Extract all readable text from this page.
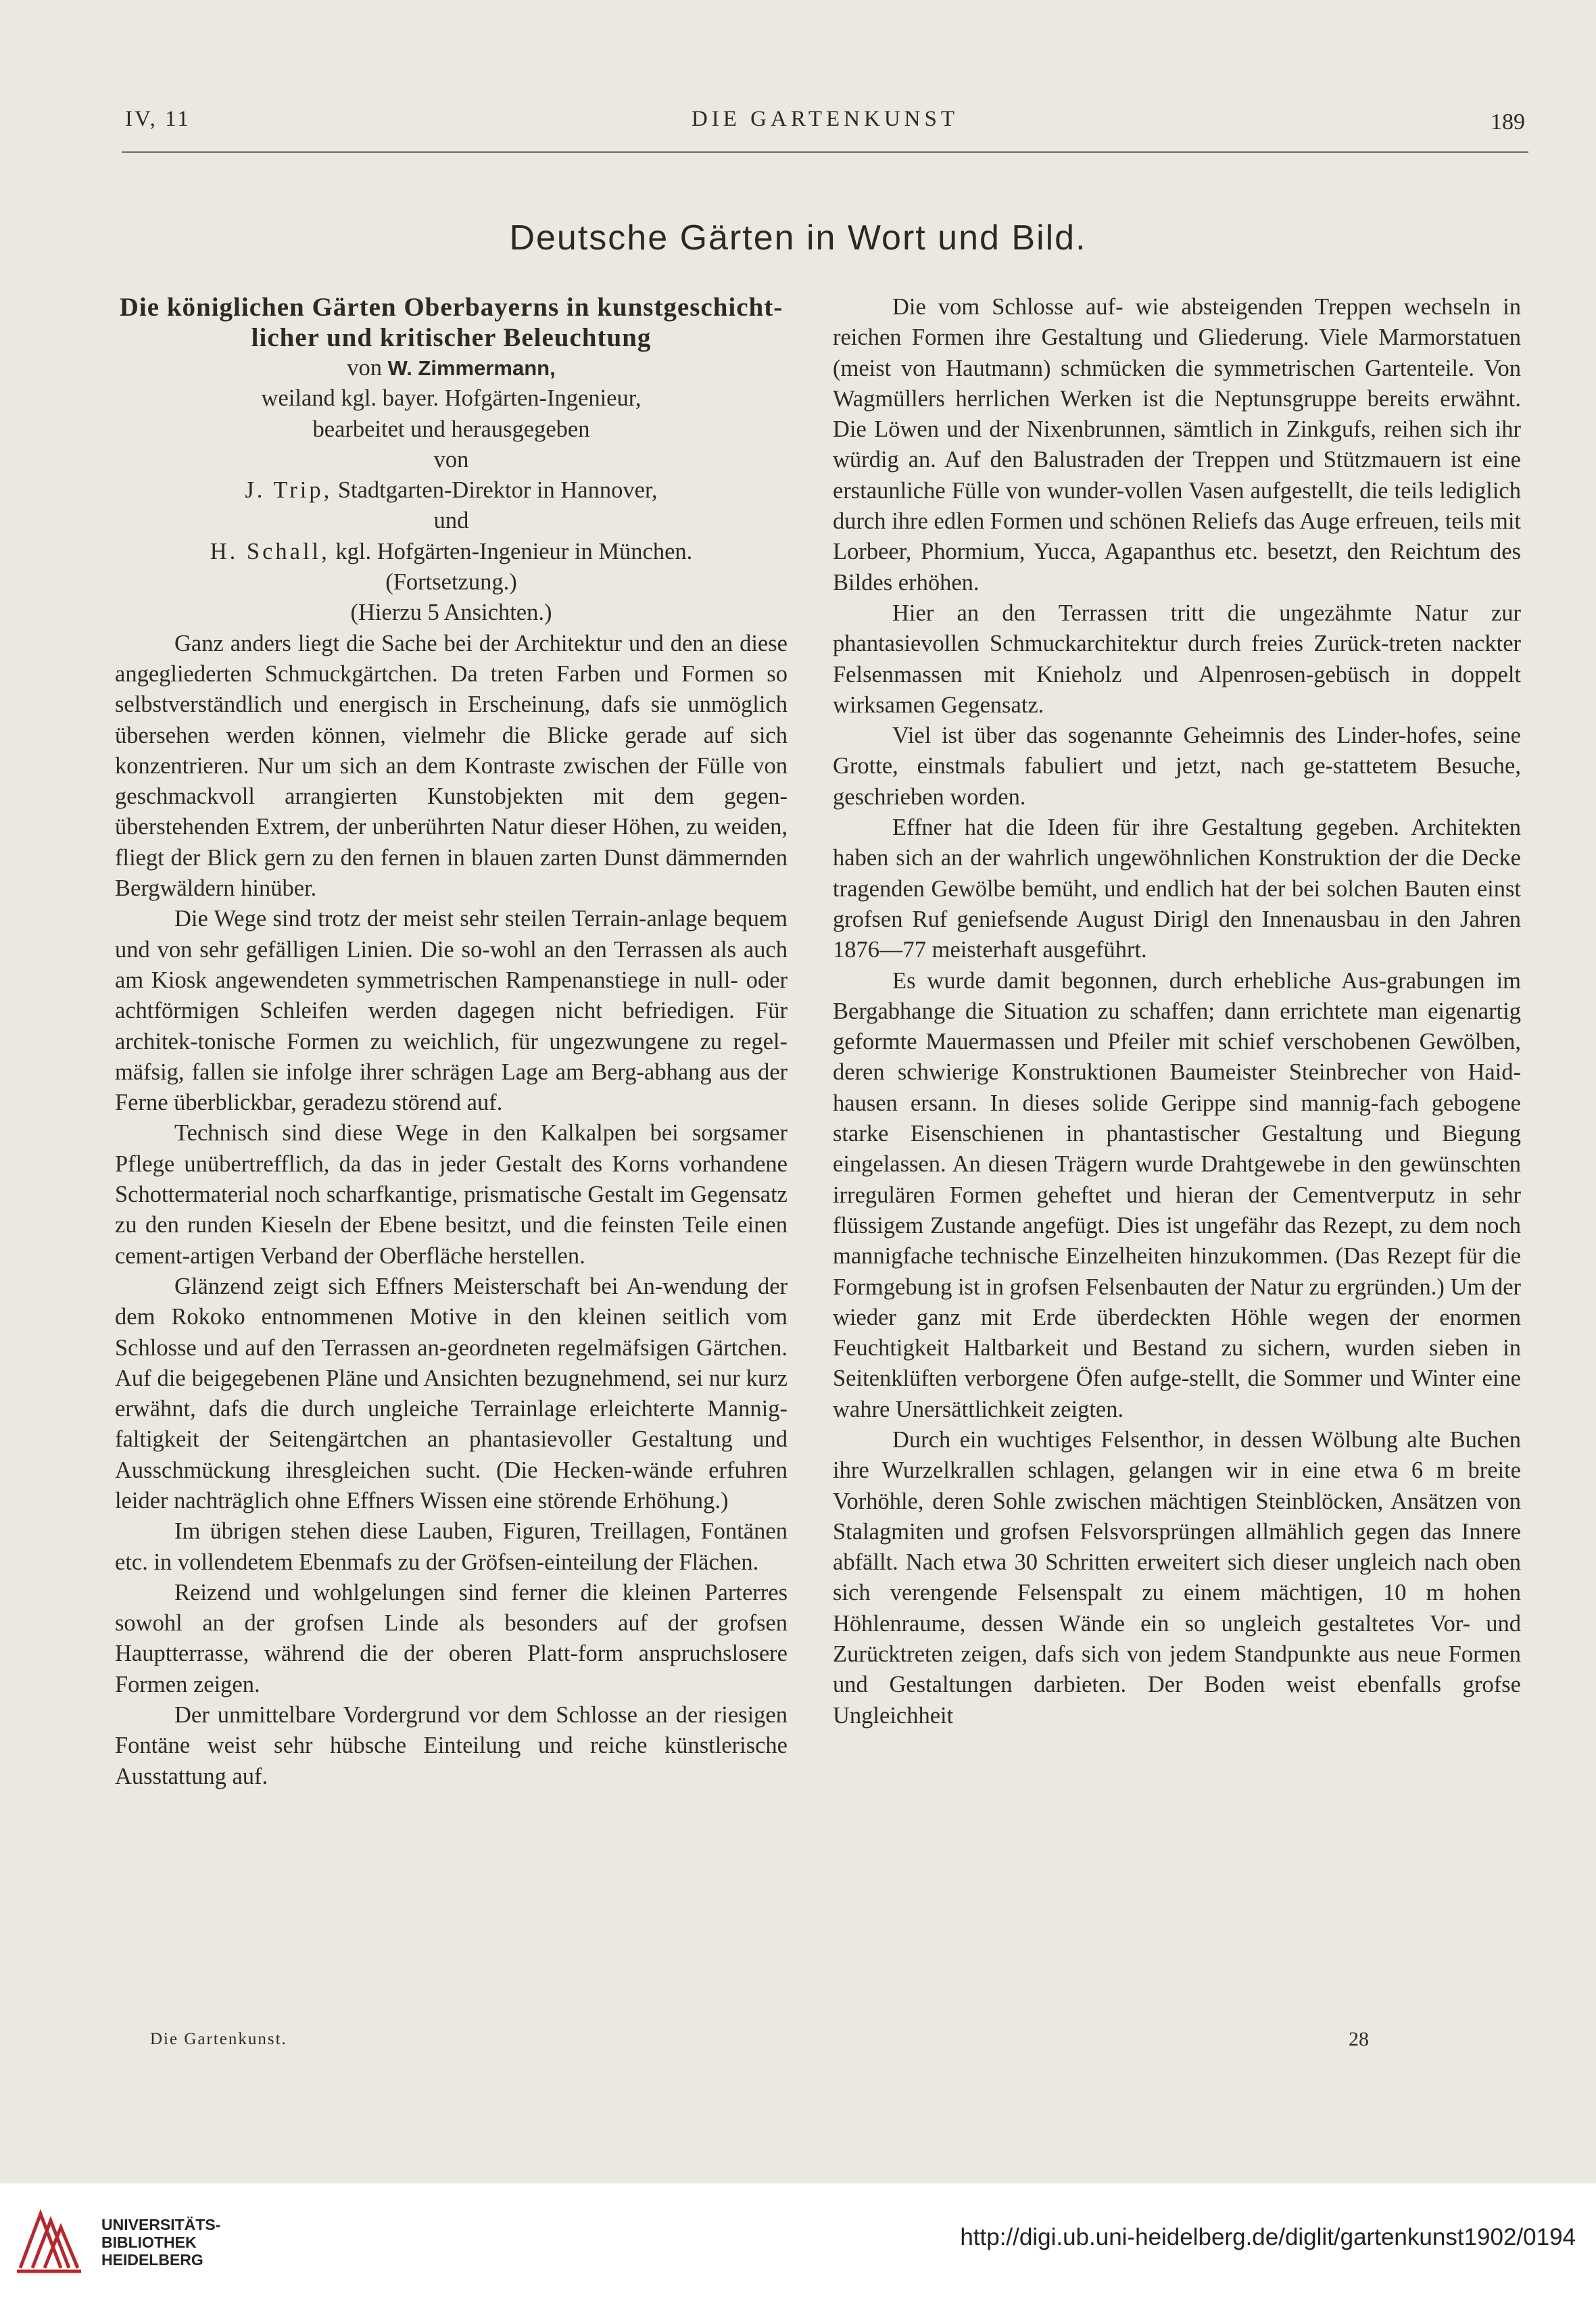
IV, 11	DIE GARTENKUNST	189
Deutsche Gärten in Wort und Bild.

Die königlichen Gärten Oberbayerns in kunstgeschicht-

licher und kritischer Beleuchtung

von W. Zimmermann,

weiland kgl. bayer. Hofgärten-Ingenieur,

bearbeitet und herausgegeben

von

J. Trip, Stadtgarten-Direktor in Hannover,

und

H. Schall, kgl. Hofgärten-Ingenieur in München.

(Fortsetzung.)

(Hierzu 5 Ansichten.)

Ganz anders liegt die Sache bei der Architektur und den an diese angegliederten Schmuckgärtchen. Da treten Farben und Formen so selbstverständlich und energisch in Erscheinung, dafs sie unmöglich übersehen werden können, vielmehr die Blicke gerade auf sich konzentrieren. Nur um sich an dem Kontraste zwischen der Fülle von geschmackvoll arrangierten Kunstobjekten mit dem gegen-überstehenden Extrem, der unberührten Natur dieser Höhen, zu weiden, fliegt der Blick gern zu den fernen in blauen zarten Dunst dämmernden Bergwäldern hinüber.

Die Wege sind trotz der meist sehr steilen Terrain-anlage bequem und von sehr gefälligen Linien. Die so-wohl an den Terrassen als auch am Kiosk angewendeten symmetrischen Rampenanstiege in null- oder achtförmigen Schleifen werden dagegen nicht befriedigen. Für architek-tonische Formen zu weichlich, für ungezwungene zu regel-mäfsig, fallen sie infolge ihrer schrägen Lage am Berg-abhang aus der Ferne überblickbar, geradezu störend auf.

Technisch sind diese Wege in den Kalkalpen bei sorgsamer Pflege unübertrefflich, da das in jeder Gestalt des Korns vorhandene Schottermaterial noch scharfkantige, prismatische Gestalt im Gegensatz zu den runden Kieseln der Ebene besitzt, und die feinsten Teile einen cement-artigen Verband der Oberfläche herstellen.

Glänzend zeigt sich Effners Meisterschaft bei An-wendung der dem Rokoko entnommenen Motive in den kleinen seitlich vom Schlosse und auf den Terrassen an-geordneten regelmäfsigen Gärtchen. Auf die beigegebenen Pläne und Ansichten bezugnehmend, sei nur kurz erwähnt, dafs die durch ungleiche Terrainlage erleichterte Mannig-faltigkeit der Seitengärtchen an phantasievoller Gestaltung und Ausschmückung ihresgleichen sucht. (Die Hecken-wände erfuhren leider nachträglich ohne Effners Wissen eine störende Erhöhung.)

Im übrigen stehen diese Lauben, Figuren, Treillagen, Fontänen etc. in vollendetem Ebenmafs zu der Gröfsen-einteilung der Flächen.

Reizend und wohlgelungen sind ferner die kleinen Parterres sowohl an der grofsen Linde als besonders auf der grofsen Hauptterrasse, während die der oberen Platt-form anspruchslosere Formen zeigen.

Der unmittelbare Vordergrund vor dem Schlosse an der riesigen Fontäne weist sehr hübsche Einteilung und reiche künstlerische Ausstattung auf.

Die vom Schlosse auf- wie absteigenden Treppen wechseln in reichen Formen ihre Gestaltung und Gliederung. Viele Marmorstatuen (meist von Hautmann) schmücken die symmetrischen Gartenteile. Von Wagmüllers herrlichen Werken ist die Neptunsgruppe bereits erwähnt. Die Löwen und der Nixenbrunnen, sämtlich in Zinkgufs, reihen sich ihr würdig an. Auf den Balustraden der Treppen und Stützmauern ist eine erstaunliche Fülle von wunder-vollen Vasen aufgestellt, die teils lediglich durch ihre edlen Formen und schönen Reliefs das Auge erfreuen, teils mit Lorbeer, Phormium, Yucca, Agapanthus etc. besetzt, den Reichtum des Bildes erhöhen.

Hier an den Terrassen tritt die ungezähmte Natur zur phantasievollen Schmuckarchitektur durch freies Zurück-treten nackter Felsenmassen mit Knieholz und Alpenrosen-gebüsch in doppelt wirksamen Gegensatz.

Viel ist über das sogenannte Geheimnis des Linder-hofes, seine Grotte, einstmals fabuliert und jetzt, nach ge-stattetem Besuche, geschrieben worden.

Effner hat die Ideen für ihre Gestaltung gegeben. Architekten haben sich an der wahrlich ungewöhnlichen Konstruktion der die Decke tragenden Gewölbe bemüht, und endlich hat der bei solchen Bauten einst grofsen Ruf geniefsende August Dirigl den Innenausbau in den Jahren 1876—77 meisterhaft ausgeführt.

Es wurde damit begonnen, durch erhebliche Aus-grabungen im Bergabhange die Situation zu schaffen; dann errichtete man eigenartig geformte Mauermassen und Pfeiler mit schief verschobenen Gewölben, deren schwierige Konstruktionen Baumeister Steinbrecher von Haid-hausen ersann. In dieses solide Gerippe sind mannig-fach gebogene starke Eisenschienen in phantastischer Gestaltung und Biegung eingelassen. An diesen Trägern wurde Drahtgewebe in den gewünschten irregulären Formen geheftet und hieran der Cementverputz in sehr flüssigem Zustande angefügt. Dies ist ungefähr das Rezept, zu dem noch mannigfache technische Einzelheiten hinzukommen. (Das Rezept für die Formgebung ist in grofsen Felsenbauten der Natur zu ergründen.) Um der wieder ganz mit Erde überdeckten Höhle wegen der enormen Feuchtigkeit Haltbarkeit und Bestand zu sichern, wurden sieben in Seitenklüften verborgene Öfen aufge-stellt, die Sommer und Winter eine wahre Unersättlichkeit zeigten.

Durch ein wuchtiges Felsenthor, in dessen Wölbung alte Buchen ihre Wurzelkrallen schlagen, gelangen wir in eine etwa 6 m breite Vorhöhle, deren Sohle zwischen mächtigen Steinblöcken, Ansätzen von Stalagmiten und grofsen Felsvorsprüngen allmählich gegen das Innere abfällt. Nach etwa 30 Schritten erweitert sich dieser ungleich nach oben sich verengende Felsenspalt zu einem mächtigen, 10 m hohen Höhlenraume, dessen Wände ein so ungleich gestaltetes Vor- und Zurücktreten zeigen, dafs sich von jedem Standpunkte aus neue Formen und Gestaltungen darbieten. Der Boden weist ebenfalls grofse Ungleichheit

Die Gartenkunst.	28
UNIVERSITÄTS-
BIBLIOTHEK
HEIDELBERG
http://digi.ub.uni-heidelberg.de/diglit/gartenkunst1902/0194
